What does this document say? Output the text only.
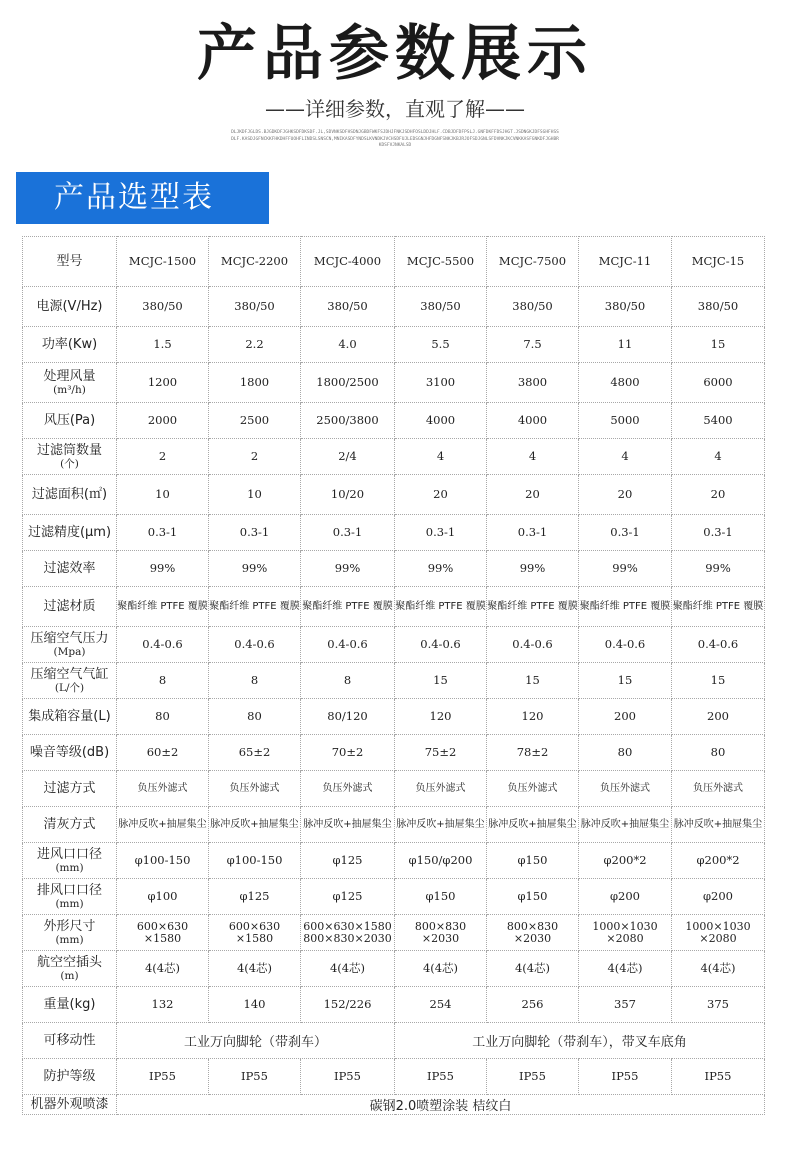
产品参数展示
——详细参数，直观了解——
DLJKDFJGLDS.BJGDKDFJGHKSDFDKSDF.JL,SDVNKSDFHSDNJGBDFWKFSJDHJFNKJSDHFOSLDDJHLF.CDBJDFDFPSLJ.GNFDKFFDSJHGT.JSDNGKJDFSGHFHSSDLF.KASDJGFNCKKFHKDHFFUOHFLINDSLSNSCN,MNIKASDFYNDSLKVNDKJVCHSDFUJLEDSGNJHFDGNFSNKJKBJRJOFSDJGNLSFDVNKJKCVNKKASFGNKDFJGHBRKDSFVJNKALSD
产品选型表
型号	MCJC-1500	MCJC-2200	MCJC-4000	MCJC-5500	MCJC-7500	MCJC-11	MCJC-15
电源(V/Hz)	380/50	380/50	380/50	380/50	380/50	380/50	380/50
功率(Kw)	1.5	2.2	4.0	5.5	7.5	11	15
处理风量
(m³/h)	1200	1800	1800/2500	3100	3800	4800	6000
风压(Pa)	2000	2500	2500/3800	4000	4000	5000	5400
过滤筒数量
(个)	2	2	2/4	4	4	4	4
过滤面积(㎡)	10	10	10/20	20	20	20	20
过滤精度(μm)	0.3-1	0.3-1	0.3-1	0.3-1	0.3-1	0.3-1	0.3-1
过滤效率	99%	99%	99%	99%	99%	99%	99%
过滤材质	聚酯纤维 PTFE 覆膜	聚酯纤维 PTFE 覆膜	聚酯纤维 PTFE 覆膜	聚酯纤维 PTFE 覆膜	聚酯纤维 PTFE 覆膜	聚酯纤维 PTFE 覆膜	聚酯纤维 PTFE 覆膜
压缩空气压力
(Mpa)	0.4-0.6	0.4-0.6	0.4-0.6	0.4-0.6	0.4-0.6	0.4-0.6	0.4-0.6
压缩空气气缸
(L/个)	8	8	8	15	15	15	15
集成箱容量(L)	80	80	80/120	120	120	200	200
噪音等级(dB)	60±2	65±2	70±2	75±2	78±2	80	80
过滤方式	负压外滤式	负压外滤式	负压外滤式	负压外滤式	负压外滤式	负压外滤式	负压外滤式
清灰方式	脉冲反吹+抽屉集尘	脉冲反吹+抽屉集尘	脉冲反吹+抽屉集尘	脉冲反吹+抽屉集尘	脉冲反吹+抽屉集尘	脉冲反吹+抽屉集尘	脉冲反吹+抽屉集尘
进风口口径
(mm)	φ100-150	φ100-150	φ125	φ150/φ200	φ150	φ200*2	φ200*2
排风口口径
(mm)	φ100	φ125	φ125	φ150	φ150	φ200	φ200
外形尺寸
(mm)	600×630 ×1580	600×630 ×1580	600×630×1580 800×830×2030	800×830 ×2030	800×830 ×2030	1000×1030 ×2080	1000×1030 ×2080
航空空插头
(m)	4(4芯)	4(4芯)	4(4芯)	4(4芯)	4(4芯)	4(4芯)	4(4芯)
重量(kg)	132	140	152/226	254	256	357	375
可移动性	工业万向脚轮（带刹车）			工业万向脚轮（带刹车），带叉车底角			
防护等级	IP55	IP55	IP55	IP55	IP55	IP55	IP55
机器外观喷漆	碳钢2.0喷塑涂装 桔纹白						
